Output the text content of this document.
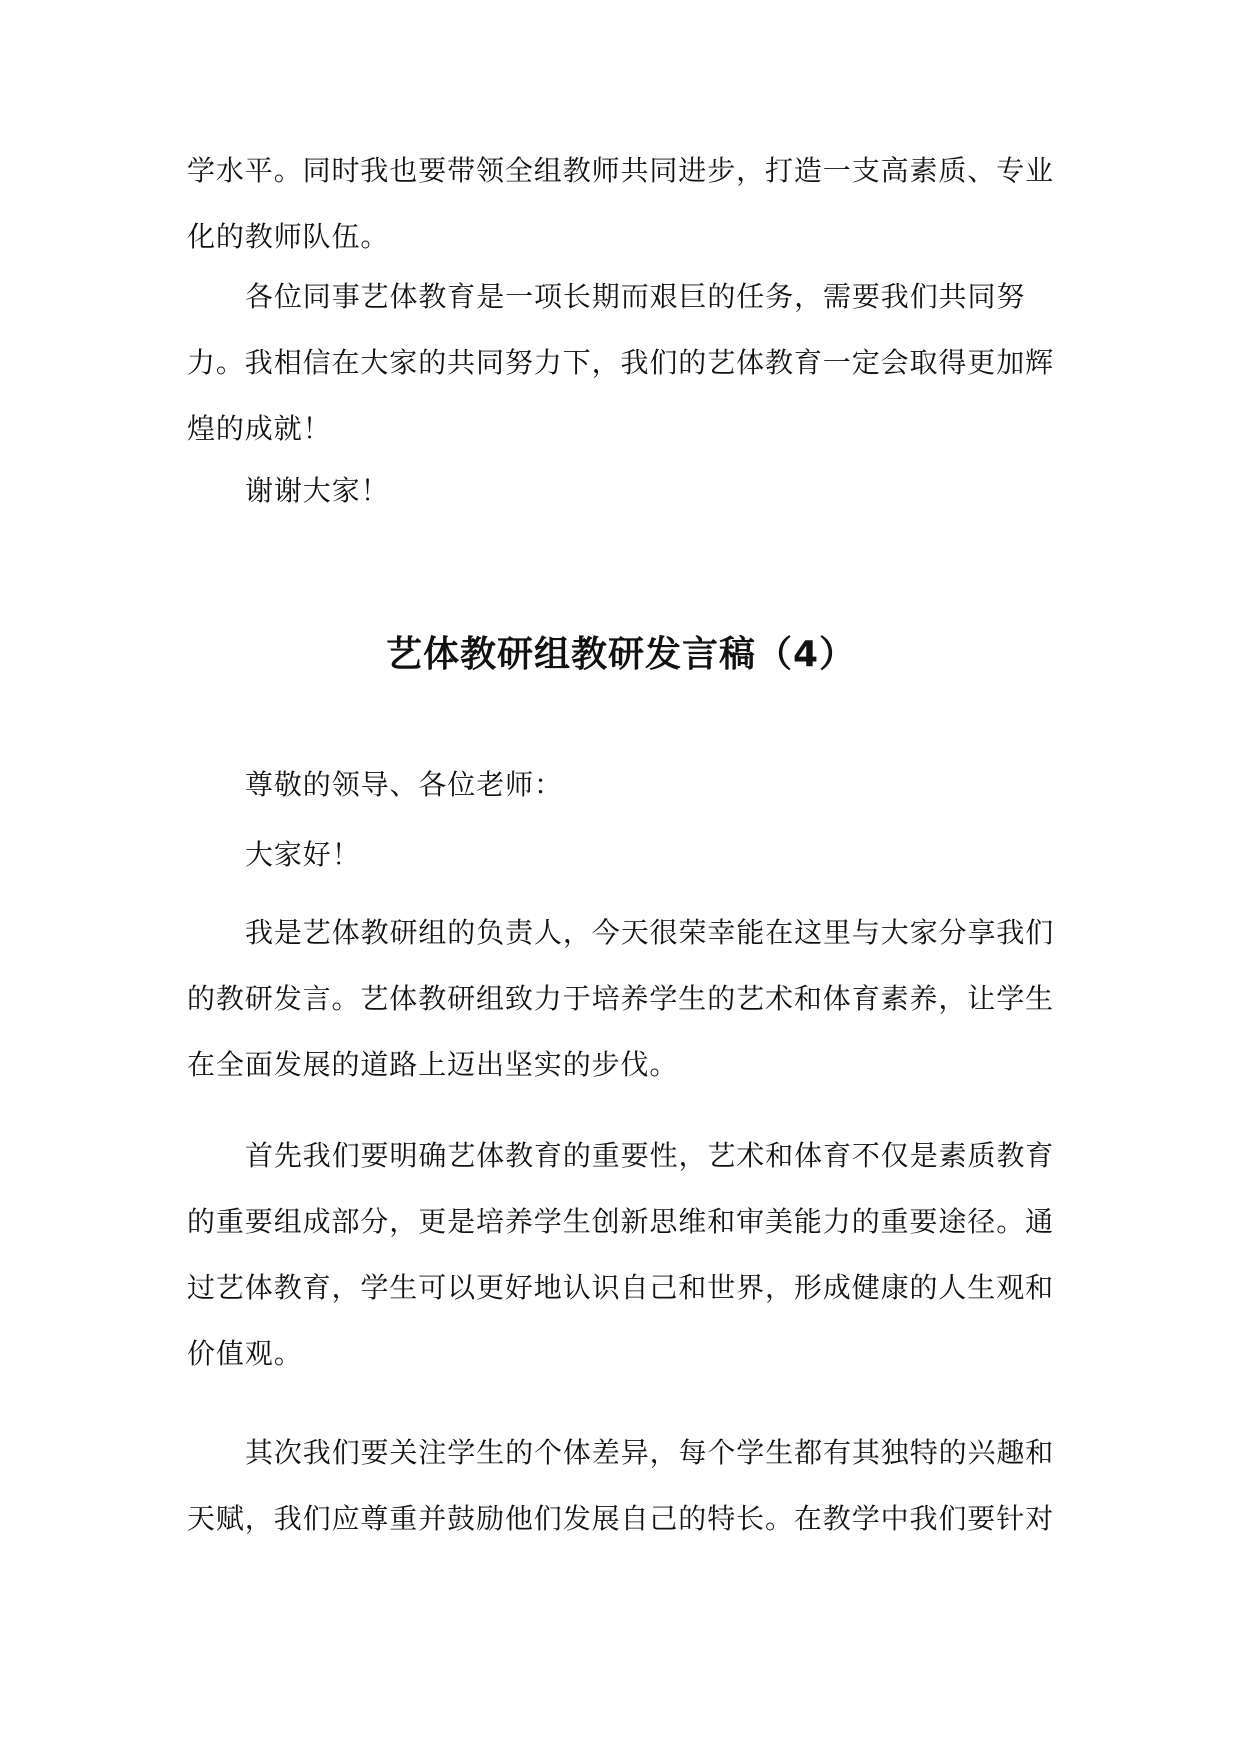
学水平。同时我也要带领全组教师共同进步，打造一支高素质、专业化的教师队伍。

各位同事艺体教育是一项长期而艰巨的任务，需要我们共同努力。我相信在大家的共同努力下，我们的艺体教育一定会取得更加辉煌的成就！

谢谢大家！

艺体教研组教研发言稿（4）

尊敬的领导、各位老师：

大家好！

我是艺体教研组的负责人，今天很荣幸能在这里与大家分享我们的教研发言。艺体教研组致力于培养学生的艺术和体育素养，让学生在全面发展的道路上迈出坚实的步伐。

首先我们要明确艺体教育的重要性，艺术和体育不仅是素质教育的重要组成部分，更是培养学生创新思维和审美能力的重要途径。通过艺体教育，学生可以更好地认识自己和世界，形成健康的人生观和价值观。

其次我们要关注学生的个体差异，每个学生都有其独特的兴趣和天赋，我们应尊重并鼓励他们发展自己的特长。在教学中我们要针对
